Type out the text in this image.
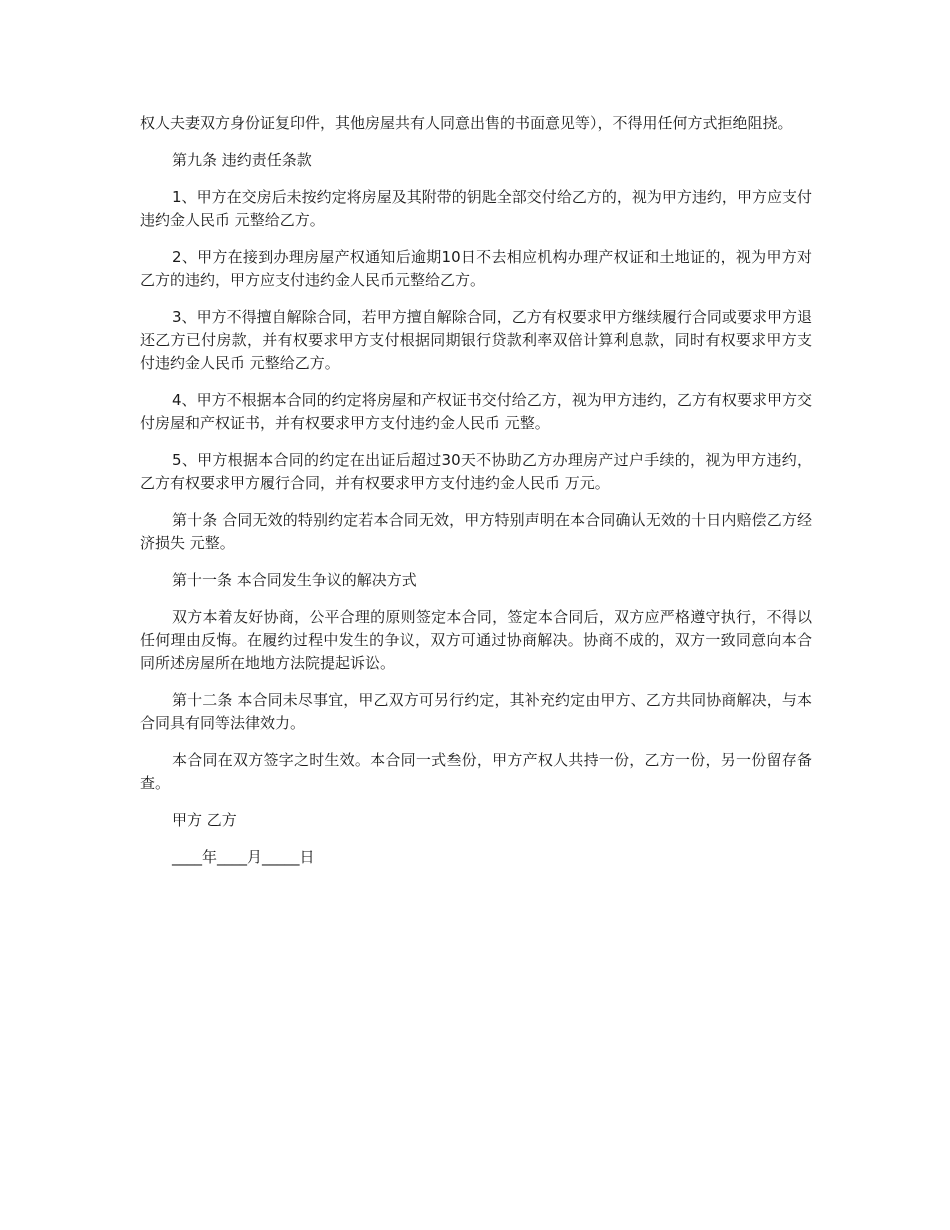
权人夫妻双方身份证复印件，其他房屋共有人同意出售的书面意见等），不得用任何方式拒绝阻挠。

第九条 违约责任条款

1、甲方在交房后未按约定将房屋及其附带的钥匙全部交付给乙方的，视为甲方违约，甲方应支付违约金人民币 元整给乙方。

2、甲方在接到办理房屋产权通知后逾期10日不去相应机构办理产权证和土地证的，视为甲方对乙方的违约，甲方应支付违约金人民币元整给乙方。

3、甲方不得擅自解除合同，若甲方擅自解除合同，乙方有权要求甲方继续履行合同或要求甲方退还乙方已付房款，并有权要求甲方支付根据同期银行贷款利率双倍计算利息款，同时有权要求甲方支付违约金人民币 元整给乙方。

4、甲方不根据本合同的约定将房屋和产权证书交付给乙方，视为甲方违约，乙方有权要求甲方交付房屋和产权证书，并有权要求甲方支付违约金人民币 元整。

5、甲方根据本合同的约定在出证后超过30天不协助乙方办理房产过户手续的，视为甲方违约，乙方有权要求甲方履行合同，并有权要求甲方支付违约金人民币 万元。

第十条 合同无效的特别约定若本合同无效，甲方特别声明在本合同确认无效的十日内赔偿乙方经济损失 元整。

第十一条 本合同发生争议的解决方式

双方本着友好协商，公平合理的原则签定本合同，签定本合同后，双方应严格遵守执行，不得以任何理由反悔。在履约过程中发生的争议，双方可通过协商解决。协商不成的，双方一致同意向本合同所述房屋所在地地方法院提起诉讼。

第十二条 本合同未尽事宜，甲乙双方可另行约定，其补充约定由甲方、乙方共同协商解决，与本合同具有同等法律效力。

本合同在双方签字之时生效。本合同一式叁份，甲方产权人共持一份，乙方一份，另一份留存备查。

甲方 乙方

____年____月_____日
